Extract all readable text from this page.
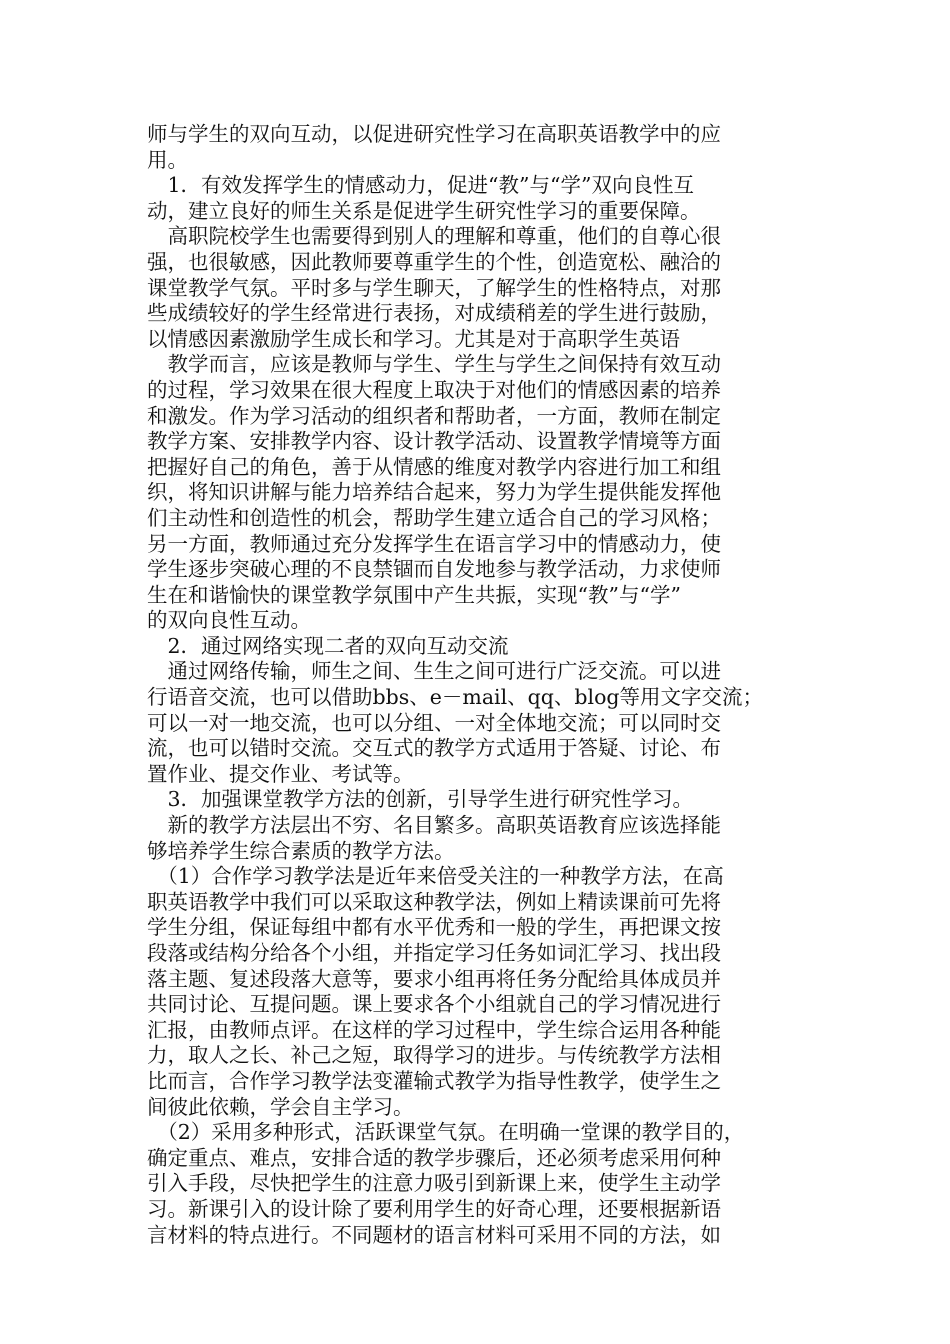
师与学生的双向互动，以促进研究性学习在高职英语教学中的应
用。
　1．有效发挥学生的情感动力，促进“教”与“学”双向良性互
动，建立良好的师生关系是促进学生研究性学习的重要保障。
　高职院校学生也需要得到别人的理解和尊重，他们的自尊心很
强，也很敏感，因此教师要尊重学生的个性，创造宽松、融洽的
课堂教学气氛。平时多与学生聊天，了解学生的性格特点，对那
些成绩较好的学生经常进行表扬，对成绩稍差的学生进行鼓励，
以情感因素激励学生成长和学习。尤其是对于高职学生英语
　教学而言，应该是教师与学生、学生与学生之间保持有效互动
的过程，学习效果在很大程度上取决于对他们的情感因素的培养
和激发。作为学习活动的组织者和帮助者，一方面，教师在制定
教学方案、安排教学内容、设计教学活动、设置教学情境等方面
把握好自己的角色，善于从情感的维度对教学内容进行加工和组
织，将知识讲解与能力培养结合起来，努力为学生提供能发挥他
们主动性和创造性的机会，帮助学生建立适合自己的学习风格；
另一方面，教师通过充分发挥学生在语言学习中的情感动力，使
学生逐步突破心理的不良禁锢而自发地参与教学活动，力求使师
生在和谐愉快的课堂教学氛围中产生共振，实现“教”与“学”
的双向良性互动。
　2．通过网络实现二者的双向互动交流
　通过网络传输，师生之间、生生之间可进行广泛交流。可以进
行语音交流，也可以借助bbs、e－mail、qq、blog等用文字交流；
可以一对一地交流，也可以分组、一对全体地交流；可以同时交
流，也可以错时交流。交互式的教学方式适用于答疑、讨论、布
置作业、提交作业、考试等。
　3．加强课堂教学方法的创新，引导学生进行研究性学习。
　新的教学方法层出不穷、名目繁多。高职英语教育应该选择能
够培养学生综合素质的教学方法。
　（1）合作学习教学法是近年来倍受关注的一种教学方法，在高
职英语教学中我们可以采取这种教学法，例如上精读课前可先将
学生分组，保证每组中都有水平优秀和一般的学生，再把课文按
段落或结构分给各个小组，并指定学习任务如词汇学习、找出段
落主题、复述段落大意等，要求小组再将任务分配给具体成员并
共同讨论、互提问题。课上要求各个小组就自己的学习情况进行
汇报，由教师点评。在这样的学习过程中，学生综合运用各种能
力，取人之长、补己之短，取得学习的进步。与传统教学方法相
比而言，合作学习教学法变灌输式教学为指导性教学，使学生之
间彼此依赖，学会自主学习。
　（2）采用多种形式，活跃课堂气氛。在明确一堂课的教学目的，
确定重点、难点，安排合适的教学步骤后，还必须考虑采用何种
引入手段，尽快把学生的注意力吸引到新课上来，使学生主动学
习。新课引入的设计除了要利用学生的好奇心理，还要根据新语
言材料的特点进行。不同题材的语言材料可采用不同的方法，如
